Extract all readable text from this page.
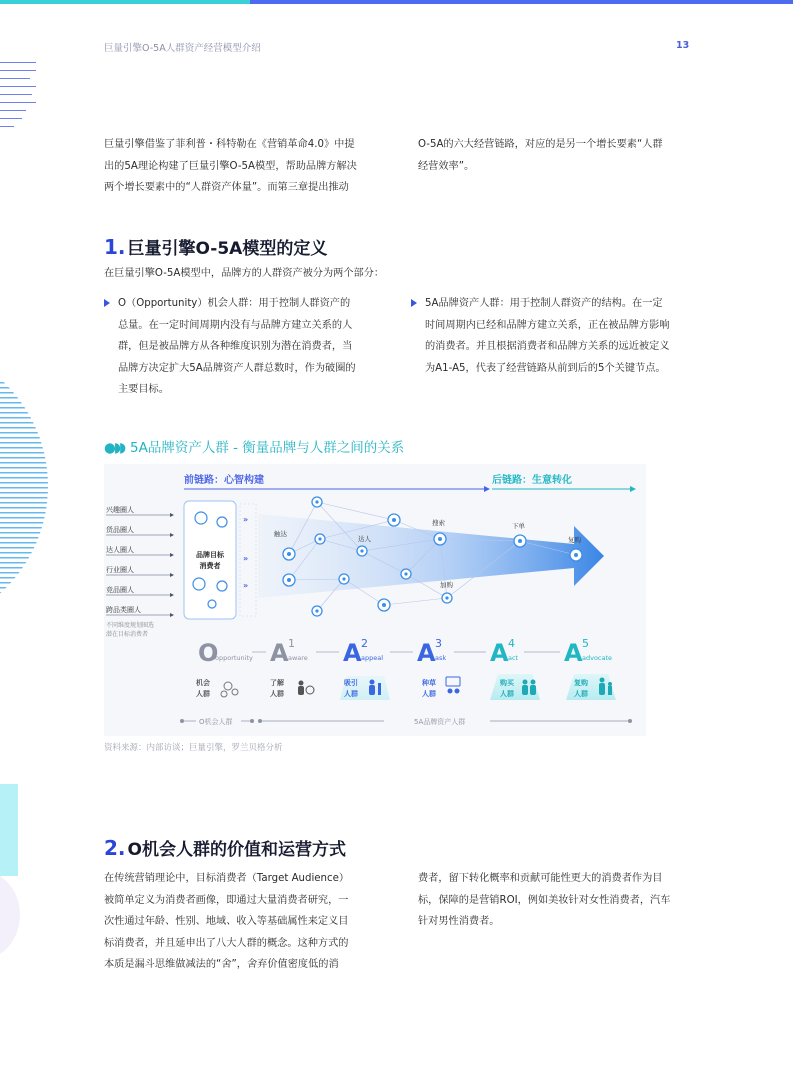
巨量引擎O-5A人群资产经营模型介绍	13

巨量引擎借鉴了菲利普・科特勒在《营销革命4.0》中提
出的5A理论构建了巨量引擎O-5A模型，帮助品牌方解决
两个增长要素中的“人群资产体量”。而第三章提出推动

O-5A的六大经营链路，对应的是另一个增长要素“人群
经营效率”。

1. 巨量引擎O-5A模型的定义
在巨量引擎O-5A模型中，品牌方的人群资产被分为两个部分：
O（Opportunity）机会人群：用于控制人群资产的
总量。在一定时间周期内没有与品牌方建立关系的人
群，但是被品牌方从各种维度识别为潜在消费者，当
品牌方决定扩大5A品牌资产人群总数时，作为破圈的
主要目标。
5A品牌资产人群：用于控制人群资产的结构。在一定
时间周期内已经和品牌方建立关系，正在被品牌方影响
的消费者。并且根据消费者和品牌方关系的远近被定义
为A1-A5，代表了经营链路从前到后的5个关键节点。
●◗◗ 5A品牌资产人群 - 衡量品牌与人群之间的关系
前链路：心智构建	后链路：生意转化
兴趣圈人
货品圈人
达人圈人
行业圈人
竞品圈人
跨品类圈人
不同维度规划圈选
潜在目标消费者
品牌目标
消费者
»
»
»
触达
达人
搜索	下单
复购
加购
O A 1 A A
2	3 A A
4	5
opportunity	aware	appeal	ask	act	advocate
机会
人群
了解
人群
吸引
人群
种草
人群
购买
人群
复购
人群
O机会人群	5A品牌资产人群
资料来源：内部访谈；巨量引擎，罗兰贝格分析
2. O机会人群的价值和运营方式

在传统营销理论中，目标消费者（Target Audience）
被简单定义为消费者画像，即通过大量消费者研究，一
次性通过年龄、性别、地域、收入等基础属性来定义目
标消费者，并且延申出了八大人群的概念。这种方式的
本质是漏斗思维做减法的“舍”，舍弃价值密度低的消

费者，留下转化概率和贡献可能性更大的消费者作为目
标，保障的是营销ROI，例如美妆针对女性消费者，汽车
针对男性消费者。
